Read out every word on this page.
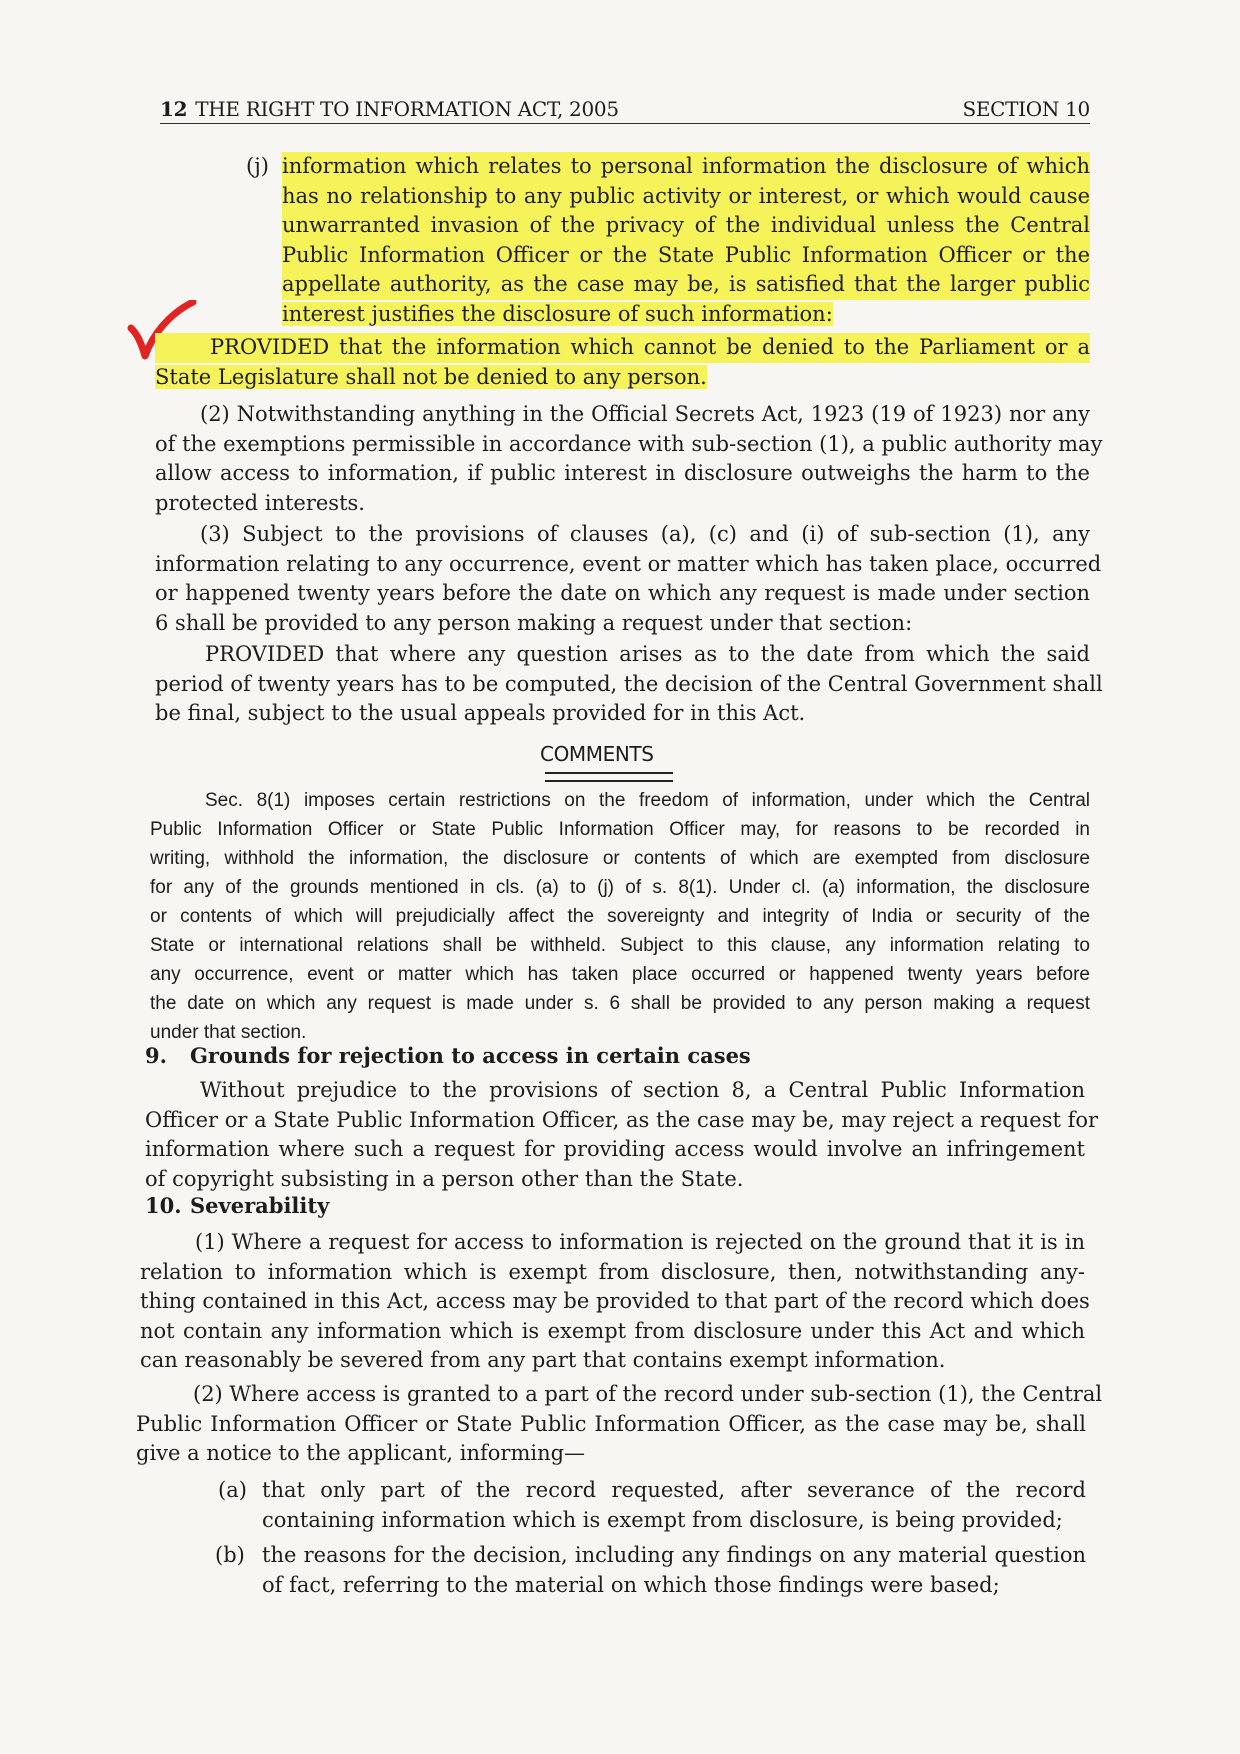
12 THE RIGHT TO INFORMATION ACT, 2005	SECTION 10
(j) information which relates to personal information the disclosure of which
has no relationship to any public activity or interest, or which would cause
unwarranted invasion of the privacy of the individual unless the Central
Public Information Officer or the State Public Information Officer or the
appellate authority, as the case may be, is satisfied that the larger public
interest justifies the disclosure of such information:
PROVIDED that the information which cannot be denied to the Parliament or a
State Legislature shall not be denied to any person.
(2) Notwithstanding anything in the Official Secrets Act, 1923 (19 of 1923) nor any
of the exemptions permissible in accordance with sub-section (1), a public authority may
allow access to information, if public interest in disclosure outweighs the harm to the
protected interests.
(3) Subject to the provisions of clauses (a), (c) and (i) of sub-section (1), any
information relating to any occurrence, event or matter which has taken place, occurred
or happened twenty years before the date on which any request is made under section
6 shall be provided to any person making a request under that section:
PROVIDED that where any question arises as to the date from which the said
period of twenty years has to be computed, the decision of the Central Government shall
be final, subject to the usual appeals provided for in this Act.
COMMENTS
Sec. 8(1) imposes certain restrictions on the freedom of information, under which the Central
Public Information Officer or State Public Information Officer may, for reasons to be recorded in
writing, withhold the information, the disclosure or contents of which are exempted from disclosure
for any of the grounds mentioned in cls. (a) to (j) of s. 8(1). Under cl. (a) information, the disclosure
or contents of which will prejudicially affect the sovereignty and integrity of India or security of the
State or international relations shall be withheld. Subject to this clause, any information relating to
any occurrence, event or matter which has taken place occurred or happened twenty years before
the date on which any request is made under s. 6 shall be provided to any person making a request
under that section.
9. Grounds for rejection to access in certain cases
Without prejudice to the provisions of section 8, a Central Public Information
Officer or a State Public Information Officer, as the case may be, may reject a request for
information where such a request for providing access would involve an infringement
of copyright subsisting in a person other than the State.
10. Severability
(1) Where a request for access to information is rejected on the ground that it is in
relation to information which is exempt from disclosure, then, notwithstanding any-
thing contained in this Act, access may be provided to that part of the record which does
not contain any information which is exempt from disclosure under this Act and which
can reasonably be severed from any part that contains exempt information.
(2) Where access is granted to a part of the record under sub-section (1), the Central
Public Information Officer or State Public Information Officer, as the case may be, shall
give a notice to the applicant, informing—
(a) that only part of the record requested, after severance of the record
containing information which is exempt from disclosure, is being provided;
(b) the reasons for the decision, including any findings on any material question
of fact, referring to the material on which those findings were based;
